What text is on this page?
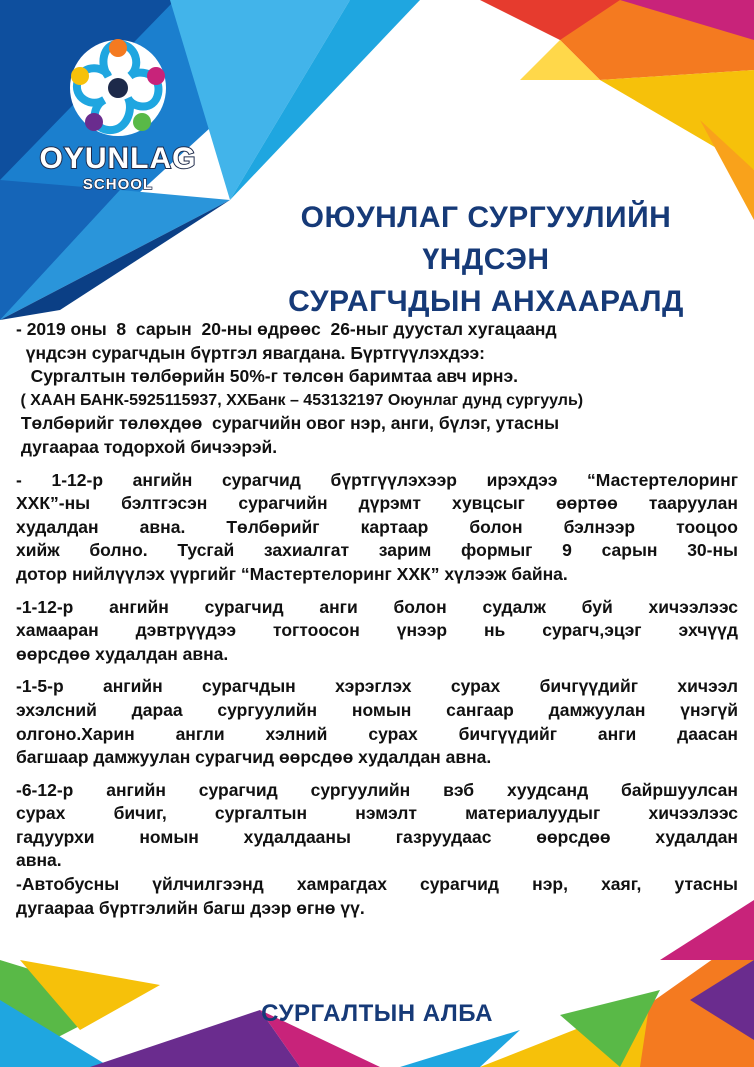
OYUNLAG
SCHOOL
ОЮУНЛАГ СУРГУУЛИЙН ҮНДСЭН
СУРАГЧДЫН АНХААРАЛД
- 2019 оны  8  сарын  20-ны өдрөөс  26-ныг дуустал хугацаанд
үндсэн сурагчдын бүртгэл явагдана. Бүртгүүлэхдээ:
Сургалтын төлбөрийн 50%-г төлсөн баримтаа авч ирнэ.
( ХААН БАНК-5925115937, ХХБанк – 453132197 Оюунлаг дунд сургууль)
Төлбөрийг төлөхдөө  сурагчийн овог нэр, анги, бүлэг, утасны
дугаараа тодорхой бичээрэй.
- 1-12-р ангийн сурагчид бүртгүүлэхээр ирэхдээ “Мастертелоринг
ХХК”-ны бэлтгэсэн сурагчийн дүрэмт хувцсыг өөртөө тааруулан
худалдан авна. Төлбөрийг картаар болон бэлнээр тооцоо
хийж болно. Тусгай захиалгат зарим формыг 9 сарын 30-ны
дотор нийлүүлэх үүргийг “Мастертелоринг ХХК” хүлээж байна.
-1-12-р ангийн сурагчид анги болон судалж буй хичээлээс
хамааран дэвтрүүдээ тогтоосон үнээр нь сурагч,эцэг эхчүүд
өөрсдөө худалдан авна.
-1-5-р ангийн сурагчдын хэрэглэх сурах бичгүүдийг хичээл
эхэлсний дараа сургуулийн номын сангаар дамжуулан үнэгүй
олгоно.Харин англи хэлний сурах бичгүүдийг анги даасан
багшаар дамжуулан сурагчид өөрсдөө худалдан авна.
-6-12-р ангийн сурагчид сургуулийн вэб хуудсанд байршуулсан
сурах бичиг, сургалтын нэмэлт материалуудыг хичээлээс
гадуурхи номын худалдааны газруудаас өөрсдөө худалдан
авна.
-Автобусны үйлчилгээнд хамрагдах сурагчид нэр, хаяг, утасны
дугаараа бүртгэлийн багш дээр өгнө үү.
СУРГАЛТЫН АЛБА
